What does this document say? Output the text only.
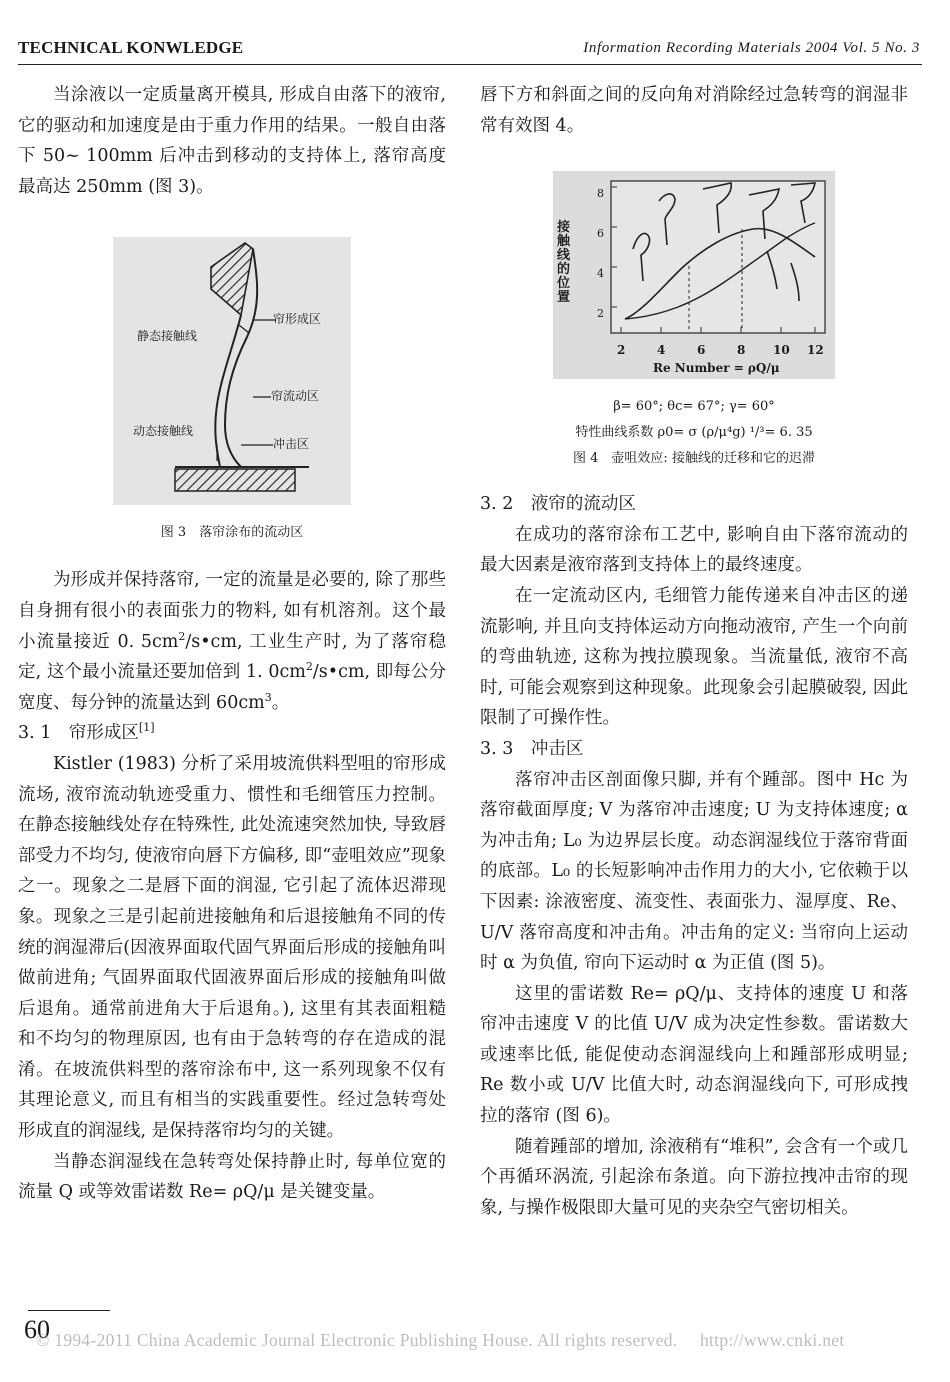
TECHNICAL KONWLEDGE	Information Recording Materials 2004 Vol. 5 No. 3

当涂液以一定质量离开模具, 形成自由落下的液帘, 它的驱动和加速度是由于重力作用的结果。一般自由落下 50~ 100mm 后冲击到移动的支持体上, 落帘高度最高达 250mm (图 3)。

帘形成区
静态接触线
帘流动区
动态接触线
冲击区
图 3　落帘涂布的流动区

为形成并保持落帘, 一定的流量是必要的, 除了那些自身拥有很小的表面张力的物料, 如有机溶剂。这个最小流量接近 0. $5cm^2/s•cm$, 工业生产时, 为了落帘稳定, 这个最小流量还要加倍到 1. $0cm^2/s•cm$, 即每公分宽度、每分钟的流量达到 $60cm^3$。

3. 1　帘形成区[1]

Kistler (1983) 分析了采用坡流供料型咀的帘形成流场, 液帘流动轨迹受重力、惯性和毛细管压力控制。在静态接触线处存在特殊性, 此处流速突然加快, 导致唇部受力不均匀, 使液帘向唇下方偏移, 即“壶咀效应”现象之一。现象之二是唇下面的润湿, 它引起了流体迟滞现象。现象之三是引起前进接触角和后退接触角不同的传统的润湿滞后(因液界面取代固气界面后形成的接触角叫做前进角; 气固界面取代固液界面后形成的接触角叫做后退角。通常前进角大于后退角。), 这里有其表面粗糙和不均匀的物理原因, 也有由于急转弯的存在造成的混淆。在坡流供料型的落帘涂布中, 这一系列现象不仅有其理论意义, 而且有相当的实践重要性。经过急转弯处形成直的润湿线, 是保持落帘均匀的关键。

当静态润湿线在急转弯处保持静止时, 每单位宽的流量 Q 或等效雷诺数 Re= ρQ/μ 是关键变量。

唇下方和斜面之间的反向角对消除经过急转弯的润湿非常有效图 4。

接触线的位置
2
4
6
8
2	4	6	8 10 12
Re Number = ρQ/μ
β= 60°; θc= 67°; γ= 60°
特性曲线系数 ρ0= σ (ρ/μ⁴g) ¹/³= 6. 35
图 4　壶咀效应: 接触线的迁移和它的迟滞
3. 2　液帘的流动区

在成功的落帘涂布工艺中, 影响自由下落帘流动的最大因素是液帘落到支持体上的最终速度。

在一定流动区内, 毛细管力能传递来自冲击区的递流影响, 并且向支持体运动方向拖动液帘, 产生一个向前的弯曲轨迹, 这称为拽拉膜现象。当流量低, 液帘不高时, 可能会观察到这种现象。此现象会引起膜破裂, 因此限制了可操作性。

3. 3　冲击区

落帘冲击区剖面像只脚, 并有个踵部。图中 Hc 为落帘截面厚度; V 为落帘冲击速度; U 为支持体速度; α 为冲击角; L₀ 为边界层长度。动态润湿线位于落帘背面的底部。L₀ 的长短影响冲击作用力的大小, 它依赖于以下因素: 涂液密度、流变性、表面张力、湿厚度、Re、U/V 落帘高度和冲击角。冲击角的定义: 当帘向上运动时 α 为负值, 帘向下运动时 α 为正值 (图 5)。

这里的雷诺数 Re= ρQ/μ、支持体的速度 U 和落帘冲击速度 V 的比值 U/V 成为决定性参数。雷诺数大或速率比低, 能促使动态润湿线向上和踵部形成明显; Re 数小或 U/V 比值大时, 动态润湿线向下, 可形成拽拉的落帘 (图 6)。

随着踵部的增加, 涂液稍有“堆积”, 会含有一个或几个再循环涡流, 引起涂布条道。向下游拉拽冲击帘的现象, 与操作极限即大量可见的夹杂空气密切相关。

60
© 1994-2011 China Academic Journal Electronic Publishing House. All rights reserved.　 http://www.cnki.net
